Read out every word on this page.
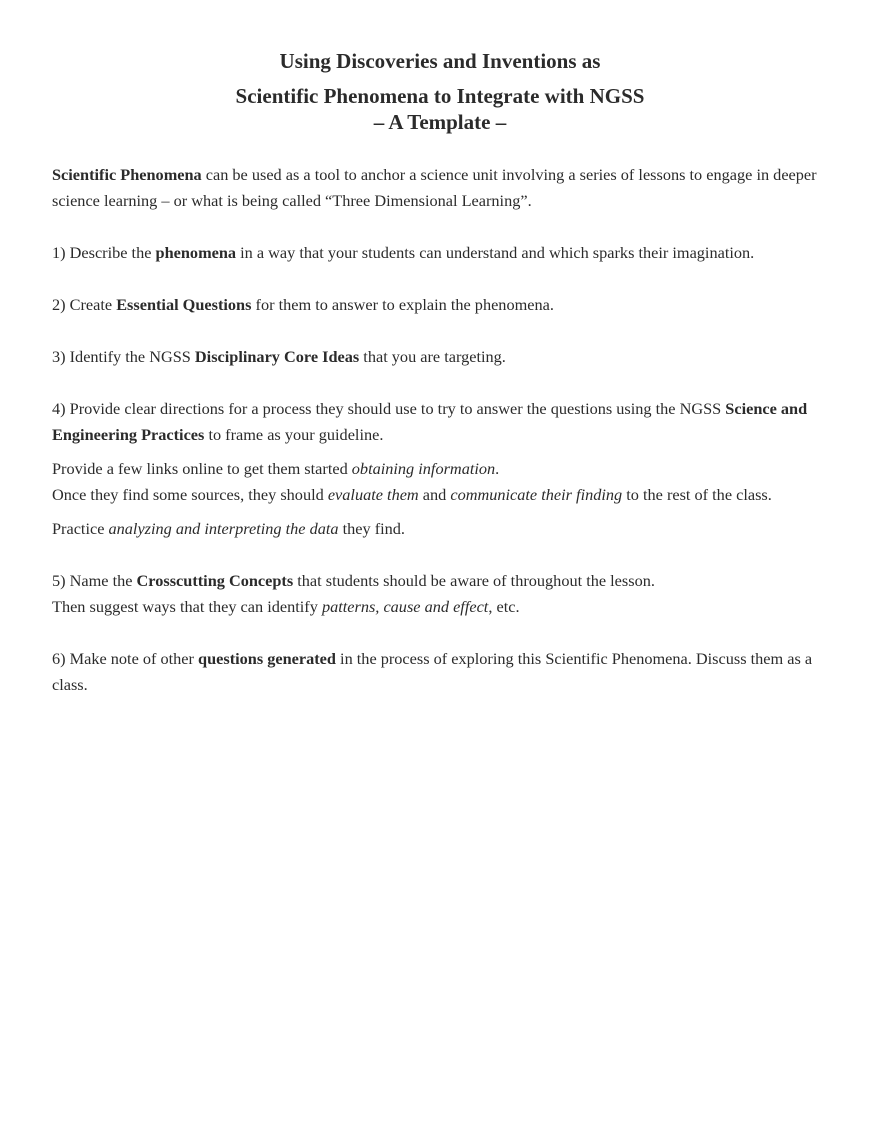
Using Discoveries and Inventions as
Scientific Phenomena to Integrate with NGSS
– A Template –

Scientific Phenomena can be used as a tool to anchor a science unit involving a series of lessons to engage in deeper science learning – or what is being called “Three Dimensional Learning”.

1) Describe the phenomena in a way that your students can understand and which sparks their imagination.

2) Create Essential Questions for them to answer to explain the phenomena.

3) Identify the NGSS Disciplinary Core Ideas that you are targeting.

4) Provide clear directions for a process they should use to try to answer the questions using the NGSS Science and Engineering Practices to frame as your guideline.

Provide a few links online to get them started obtaining information.

Once they find some sources, they should evaluate them and communicate their finding to the rest of the class.

Practice analyzing and interpreting the data they find.

5) Name the Crosscutting Concepts that students should be aware of throughout the lesson.

Then suggest ways that they can identify patterns, cause and effect, etc.

6) Make note of other questions generated in the process of exploring this Scientific Phenomena. Discuss them as a class.
